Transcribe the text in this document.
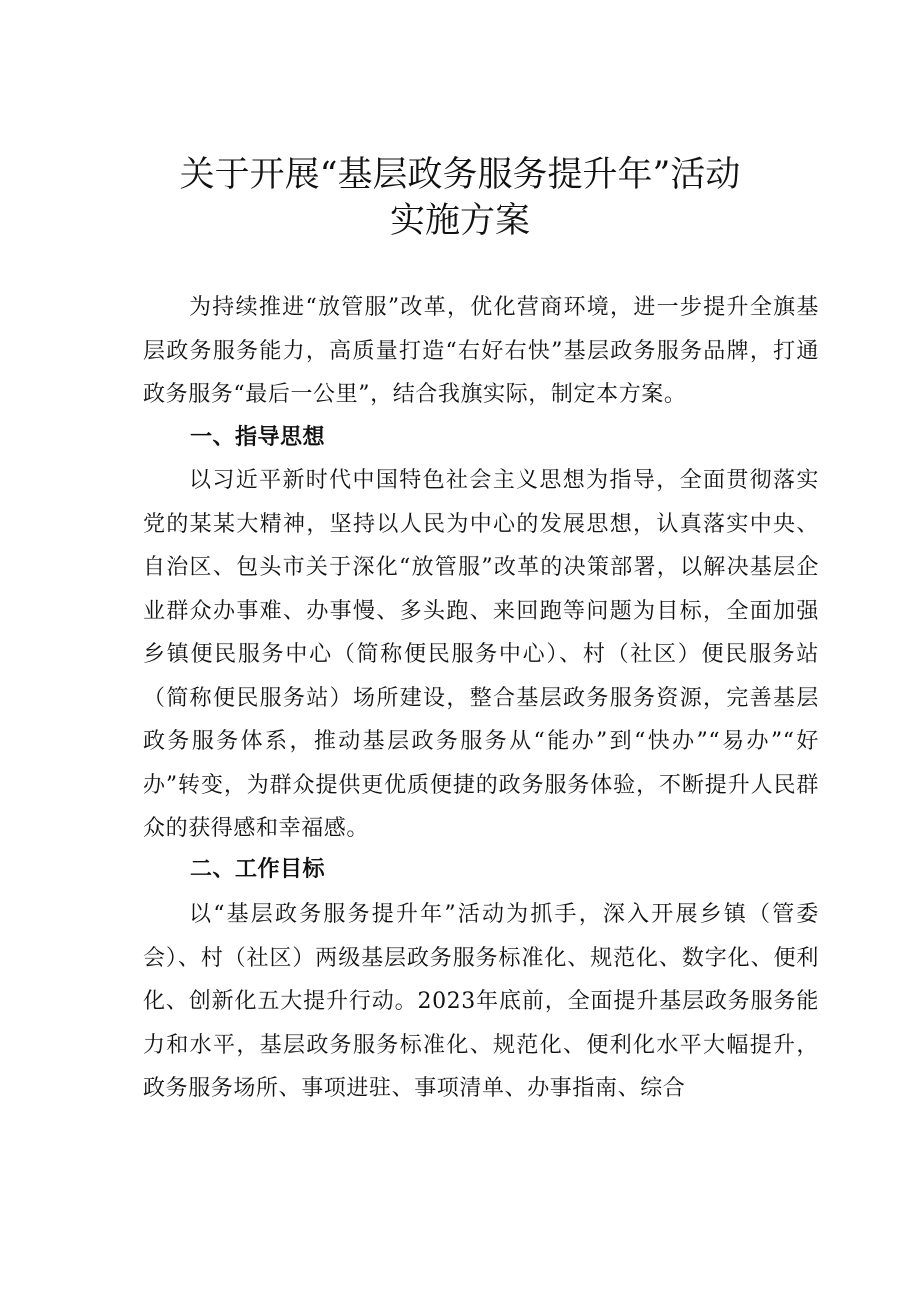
关于开展“基层政务服务提升年”活动
实施方案

为持续推进“放管服”改革，优化营商环境，进一步提升全旗基层政务服务能力，高质量打造“右好右快”基层政务服务品牌，打通政务服务“最后一公里”，结合我旗实际，制定本方案。

一、指导思想

以习近平新时代中国特色社会主义思想为指导，全面贯彻落实党的某某大精神，坚持以人民为中心的发展思想，认真落实中央、自治区、包头市关于深化“放管服”改革的决策部署，以解决基层企业群众办事难、办事慢、多头跑、来回跑等问题为目标，全面加强乡镇便民服务中心（简称便民服务中心）、村（社区）便民服务站（简称便民服务站）场所建设，整合基层政务服务资源，完善基层政务服务体系，推动基层政务服务从“能办”到“快办”“易办”“好办”转变，为群众提供更优质便捷的政务服务体验，不断提升人民群众的获得感和幸福感。

二、工作目标

以“基层政务服务提升年”活动为抓手，深入开展乡镇（管委会）、村（社区）两级基层政务服务标准化、规范化、数字化、便利化、创新化五大提升行动。2023年底前，全面提升基层政务服务能力和水平，基层政务服务标准化、规范化、便利化水平大幅提升，政务服务场所、事项进驻、事项清单、办事指南、综合
